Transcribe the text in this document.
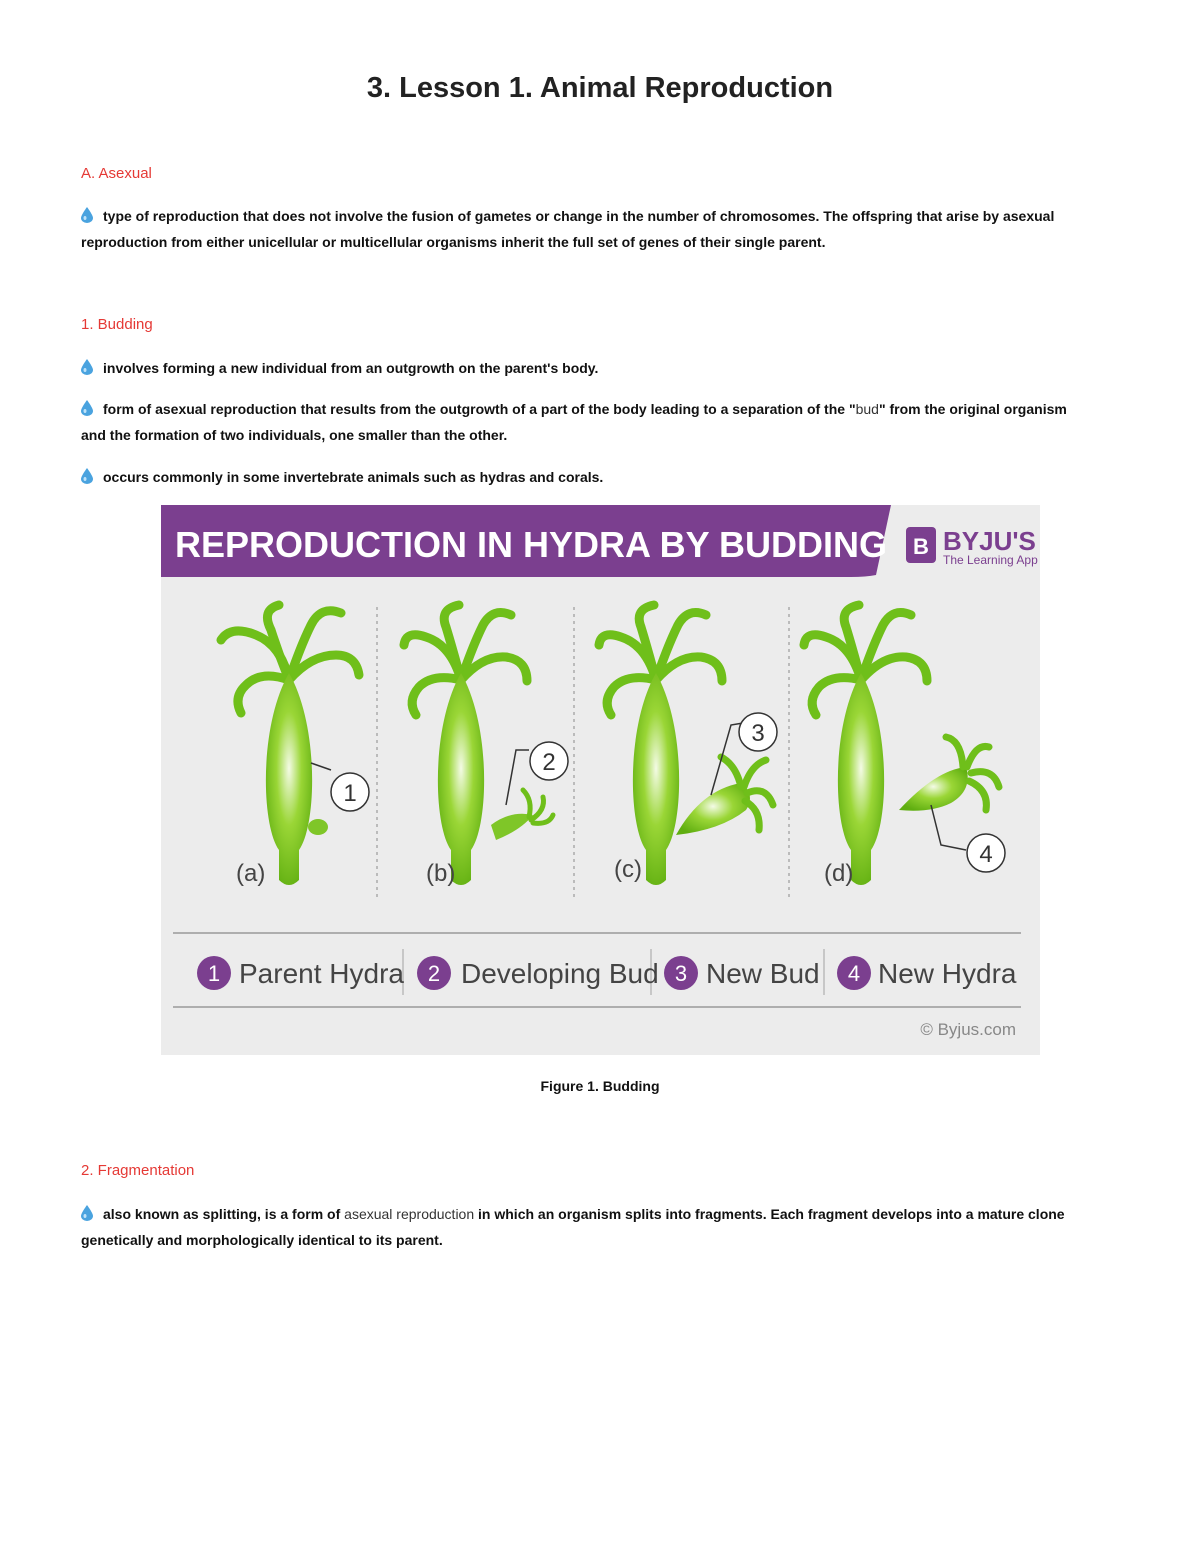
3. Lesson 1. Animal Reproduction
A. Asexual
type of reproduction that does not involve the fusion of gametes or change in the number of chromosomes. The offspring that arise by asexual reproduction from either unicellular or multicellular organisms inherit the full set of genes of their single parent.
1. Budding
involves forming a new individual from an outgrowth on the parent's body.
form of asexual reproduction that results from the outgrowth of a part of the body leading to a separation of the "bud" from the original organism and the formation of two individuals, one smaller than the other.
occurs commonly in some invertebrate animals such as hydras and corals.
REPRODUCTION IN HYDRA BY BUDDING B BYJU'S
The Learning App
1
2
3
4
(a)	(b)	(c)	(d)
1	2	3	4
Parent Hydra Developing Bud New Bud New Hydra
© Byjus.com
Figure 1. Budding
2. Fragmentation
also known as splitting, is a form of asexual reproduction in which an organism splits into fragments. Each fragment develops into a mature clone genetically and morphologically identical to its parent.
